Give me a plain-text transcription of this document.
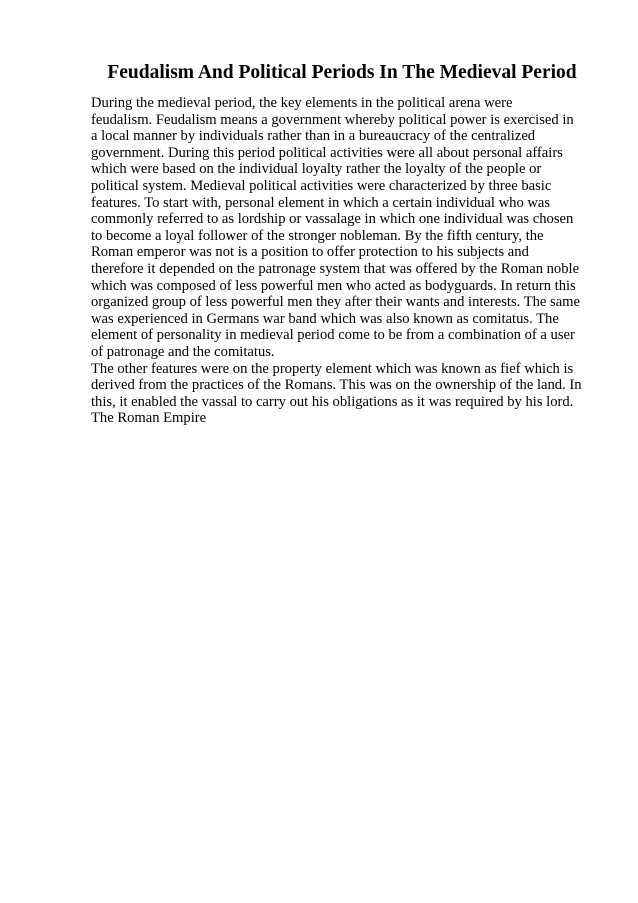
Feudalism And Political Periods In The Medieval Period
During the medieval period, the key elements in the political arena were
feudalism. Feudalism means a government whereby political power is exercised in
a local manner by individuals rather than in a bureaucracy of the centralized
government. During this period political activities were all about personal affairs
which were based on the individual loyalty rather the loyalty of the people or
political system. Medieval political activities were characterized by three basic
features. To start with, personal element in which a certain individual who was
commonly referred to as lordship or vassalage in which one individual was chosen
to become a loyal follower of the stronger nobleman. By the fifth century, the
Roman emperor was not is a position to offer protection to his subjects and
therefore it depended on the patronage system that was offered by the Roman noble
which was composed of less powerful men who acted as bodyguards. In return this
organized group of less powerful men they after their wants and interests. The same
was experienced in Germans war band which was also known as comitatus. The
element of personality in medieval period come to be from a combination of a user
of patronage and the comitatus.
The other features were on the property element which was known as fief which is
derived from the practices of the Romans. This was on the ownership of the land. In
this, it enabled the vassal to carry out his obligations as it was required by his lord.
The Roman Empire
